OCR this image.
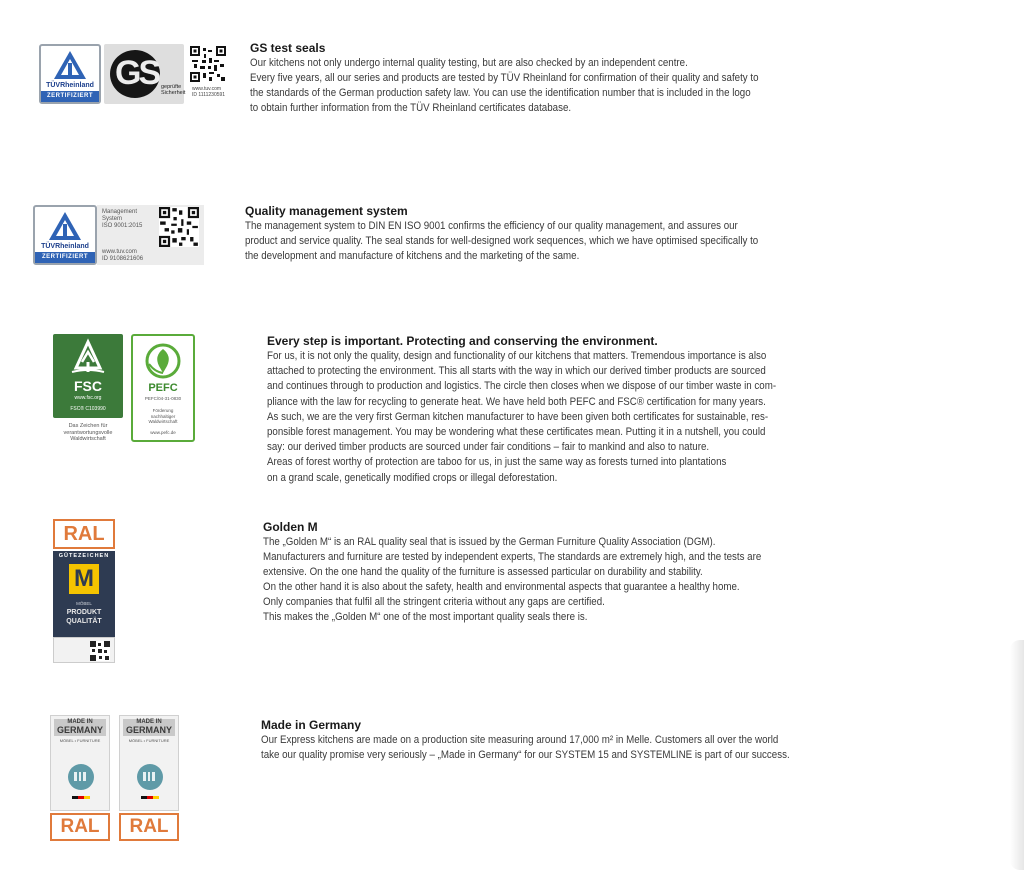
TÜVRheinland
ZERTIFIZIERT
GS geprüfte
Sicherheit
www.tuv.com
ID 1111230591
GS test seals
Our kitchens not only undergo internal quality testing, but are also checked by an independent centre.
Every five years, all our series and products are tested by TÜV Rheinland for confirmation of their quality and safety to
the standards of the German production safety law. You can use the identification number that is included in the logo
to obtain further information from the TÜV Rheinland certificates database.
TÜVRheinland
ZERTIFIZIERT
Management
System
ISO 9001:2015
www.tuv.com
ID 9108621606
Quality management system
The management system to DIN EN ISO 9001 confirms the efficiency of our quality management, and assures our
product and service quality. The seal stands for well-designed work sequences, which we have optimised specifically to
the development and manufacture of kitchens and the marketing of the same.
FSC
www.fsc.org
FSC® C103990
Das Zeichen für
verantwortungsvolle
Waldwirtschaft
PEFC
PEFC/04-31-0830
Förderung
nachhaltiger
Waldwirtschaft
www.pefc.de
Every step is important. Protecting and conserving the environment.
For us, it is not only the quality, design and functionality of our kitchens that matters. Tremendous importance is also
attached to protecting the environment. This all starts with the way in which our derived timber products are sourced
and continues through to production and logistics. The circle then closes when we dispose of our timber waste in com-
pliance with the law for recycling to generate heat. We have held both PEFC and FSC® certification for many years.
As such, we are the very first German kitchen manufacturer to have been given both certificates for sustainable, res-
ponsible forest management. You may be wondering what these certificates mean. Putting it in a nutshell, you could
say: our derived timber products are sourced under fair conditions – fair to mankind and also to nature.
Areas of forest worthy of protection are taboo for us, in just the same way as forests turned into plantations
on a grand scale, genetically modified crops or illegal deforestation.
RAL
GÜTEZEICHEN
M
MÖBEL
PRODUKT
QUALITÄT
Golden M
The „Golden M“ is an RAL quality seal that is issued by the German Furniture Quality Association (DGM).
Manufacturers and furniture are tested by independent experts, The standards are extremely high, and the tests are
extensive. On the one hand the quality of the furniture is assessed particular on durability and stability.
On the other hand it is also about the safety, health and environmental aspects that guarantee a healthy home.
Only companies that fulfil all the stringent criteria without any gaps are certified.
This makes the „Golden M“ one of the most important quality seals there is.
MADE IN
GERMANY
MÖBEL • FURNITURE
RAL
MADE IN
GERMANY
MÖBEL • FURNITURE
RAL
Made in Germany
Our Express kitchens are made on a production site measuring around 17,000 m² in Melle. Customers all over the world
take our quality promise very seriously – „Made in Germany“ for our SYSTEM 15 and SYSTEMLINE is part of our success.
